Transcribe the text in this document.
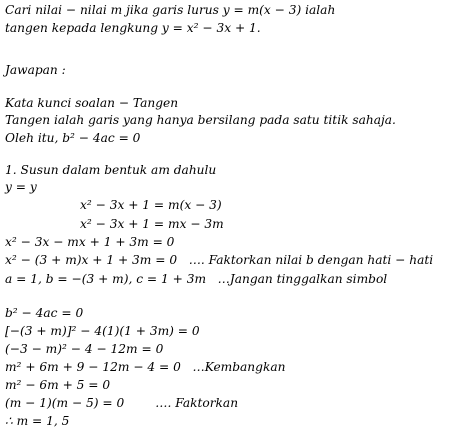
Cari nilai − nilai m jika garis lurus y = m(x − 3) ialah
tangen kepada lengkung y = x² − 3x + 1.
Jawapan :
Kata kunci soalan − Tangen
Tangen ialah garis yang hanya bersilang pada satu titik sahaja.
Oleh itu, b² − 4ac = 0
1. Susun dalam bentuk am dahulu
y = y
x² − 3x + 1 = m(x − 3)
x² − 3x + 1 = mx − 3m
x² − 3x − mx + 1 + 3m = 0
x² − (3 + m)x + 1 + 3m = 0   …. Faktorkan nilai b dengan hati − hati
a = 1, b = −(3 + m), c = 1 + 3m   …Jangan tinggalkan simbol
b² − 4ac = 0
[−(3 + m)]² − 4(1)(1 + 3m) = 0
(−3 − m)² − 4 − 12m = 0
m² + 6m + 9 − 12m − 4 = 0   …Kembangkan
m² − 6m + 5 = 0
(m − 1)(m − 5) = 0        …. Faktorkan
∴ m = 1, 5
